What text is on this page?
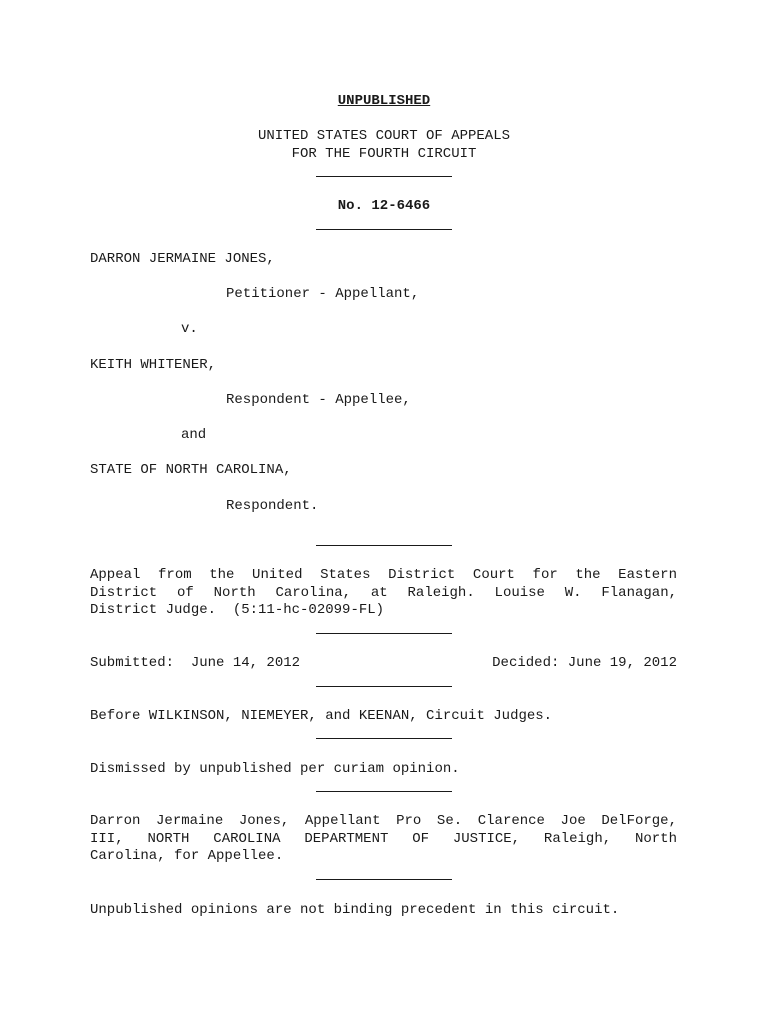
UNPUBLISHED
UNITED STATES COURT OF APPEALS
FOR THE FOURTH CIRCUIT
No. 12-6466
DARRON JERMAINE JONES,
Petitioner - Appellant,
v.
KEITH WHITENER,
Respondent - Appellee,
and
STATE OF NORTH CAROLINA,
Respondent.
Appeal from the United States District Court for the Eastern
District of North Carolina, at Raleigh. Louise W. Flanagan,
District Judge.  (5:11-hc-02099-FL)
Submitted:  June 14, 2012	Decided: June 19, 2012
Before WILKINSON, NIEMEYER, and KEENAN, Circuit Judges.
Dismissed by unpublished per curiam opinion.
Darron Jermaine Jones, Appellant Pro Se. Clarence Joe DelForge,
III, NORTH CAROLINA DEPARTMENT OF JUSTICE, Raleigh, North
Carolina, for Appellee.
Unpublished opinions are not binding precedent in this circuit.
